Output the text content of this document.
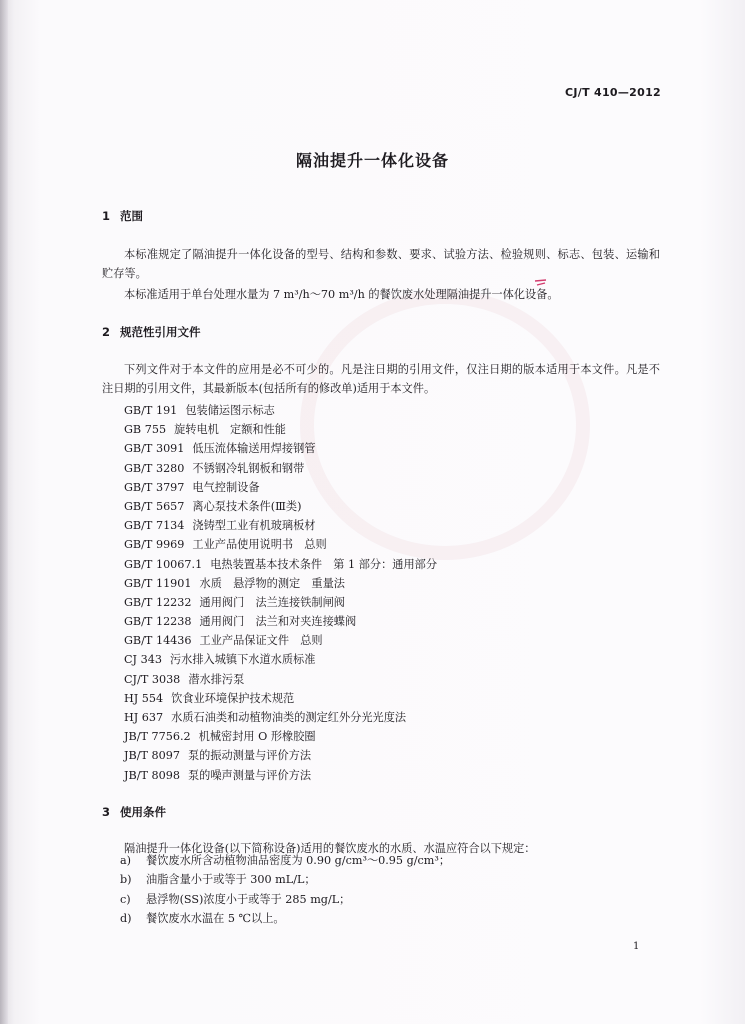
CJ/T 410—2012
隔油提升一体化设备
1 范围
本标准规定了隔油提升一体化设备的型号、结构和参数、要求、试验方法、检验规则、标志、包装、运输和贮存等。
本标准适用于单台处理水量为 7 m³/h～70 m³/h 的餐饮废水处理隔油提升一体化设备。
2 规范性引用文件
下列文件对于本文件的应用是必不可少的。凡是注日期的引用文件，仅注日期的版本适用于本文件。凡是不注日期的引用文件，其最新版本(包括所有的修改单)适用于本文件。
GB/T 191 包装储运图示标志
GB 755 旋转电机　定额和性能
GB/T 3091 低压流体输送用焊接钢管
GB/T 3280 不锈钢冷轧钢板和钢带
GB/T 3797 电气控制设备
GB/T 5657 离心泵技术条件(Ⅲ类)
GB/T 7134 浇铸型工业有机玻璃板材
GB/T 9969 工业产品使用说明书　总则
GB/T 10067.1 电热装置基本技术条件　第 1 部分：通用部分
GB/T 11901 水质　悬浮物的测定　重量法
GB/T 12232 通用阀门　法兰连接铁制闸阀
GB/T 12238 通用阀门　法兰和对夹连接蝶阀
GB/T 14436 工业产品保证文件　总则
CJ 343 污水排入城镇下水道水质标准
CJ/T 3038 潜水排污泵
HJ 554 饮食业环境保护技术规范
HJ 637 水质石油类和动植物油类的测定红外分光光度法
JB/T 7756.2 机械密封用 O 形橡胶圈
JB/T 8097 泵的振动测量与评价方法
JB/T 8098 泵的噪声测量与评价方法
3 使用条件
隔油提升一体化设备(以下简称设备)适用的餐饮废水的水质、水温应符合以下规定：
a) 餐饮废水所含动植物油品密度为 0.90 g/cm³～0.95 g/cm³；
b) 油脂含量小于或等于 300 mL/L；
c) 悬浮物(SS)浓度小于或等于 285 mg/L；
d) 餐饮废水水温在 5 ℃以上。
1
